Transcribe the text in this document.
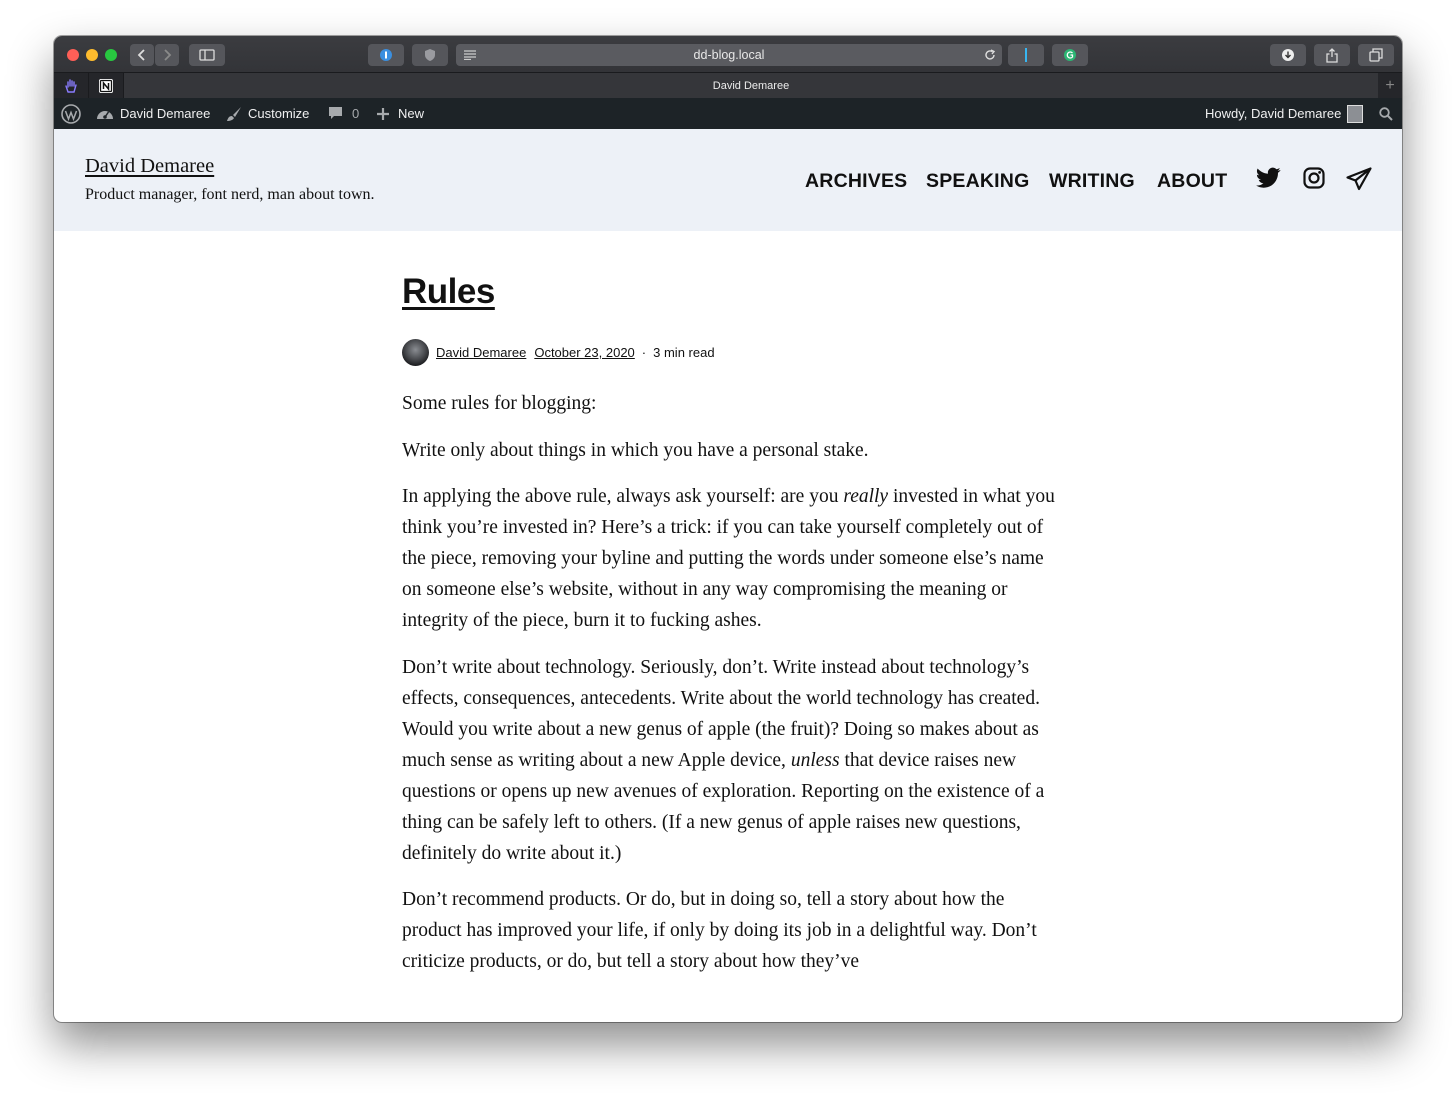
dd-blog.local
David Demaree	+
David Demaree	Customize	0	New	Howdy, David Demaree
David Demaree
Product manager, font nerd, man about town.
ARCHIVES SPEAKING WRITING ABOUT
Rules
David Demaree October 23, 2020 · 3 min read

Some rules for blogging:

Write only about things in which you have a personal stake.

In applying the above rule, always ask yourself: are you really invested in what you think you’re invested in? Here’s a trick: if you can take yourself completely out of the piece, removing your byline and putting the words under someone else’s name on someone else’s website, without in any way compromising the meaning or integrity of the piece, burn it to fucking ashes.

Don’t write about technology. Seriously, don’t. Write instead about technology’s effects, consequences, antecedents. Write about the world technology has created. Would you write about a new genus of apple (the fruit)? Doing so makes about as much sense as writing about a new Apple device, unless that device raises new questions or opens up new avenues of exploration. Reporting on the existence of a thing can be safely left to others. (If a new genus of apple raises new questions, definitely do write about it.)

Don’t recommend products. Or do, but in doing so, tell a story about how the product has improved your life, if only by doing its job in a delightful way. Don’t criticize products, or do, but tell a story about how they’ve
